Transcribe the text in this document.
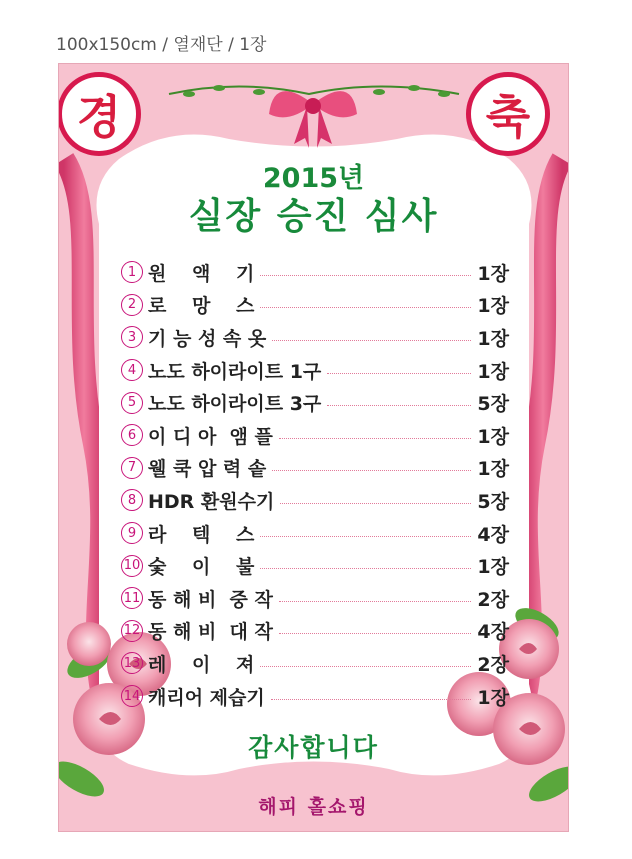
100x150cm / 열재단 / 1장
경	축
2015년
실장 승진 심사
1 원　 액　 기	1장
2 로　 망　 스	1장
3 기 능 성 속 옷	1장
4 노도 하이라이트 1구	1장
5 노도 하이라이트 3구	5장
6 이 디 아  앰 플	1장
7 웰 쿡 압 력 솥	1장
8 HDR 환원수기	5장
9 라　 텍　 스	4장
10 숯　 이　 불	1장
11 동 해 비  중 작	2장
12 동 해 비  대 작	4장
13 레　 이　 져	2장
14 캐리어 제습기	1장
감사합니다
해피 홀쇼핑
